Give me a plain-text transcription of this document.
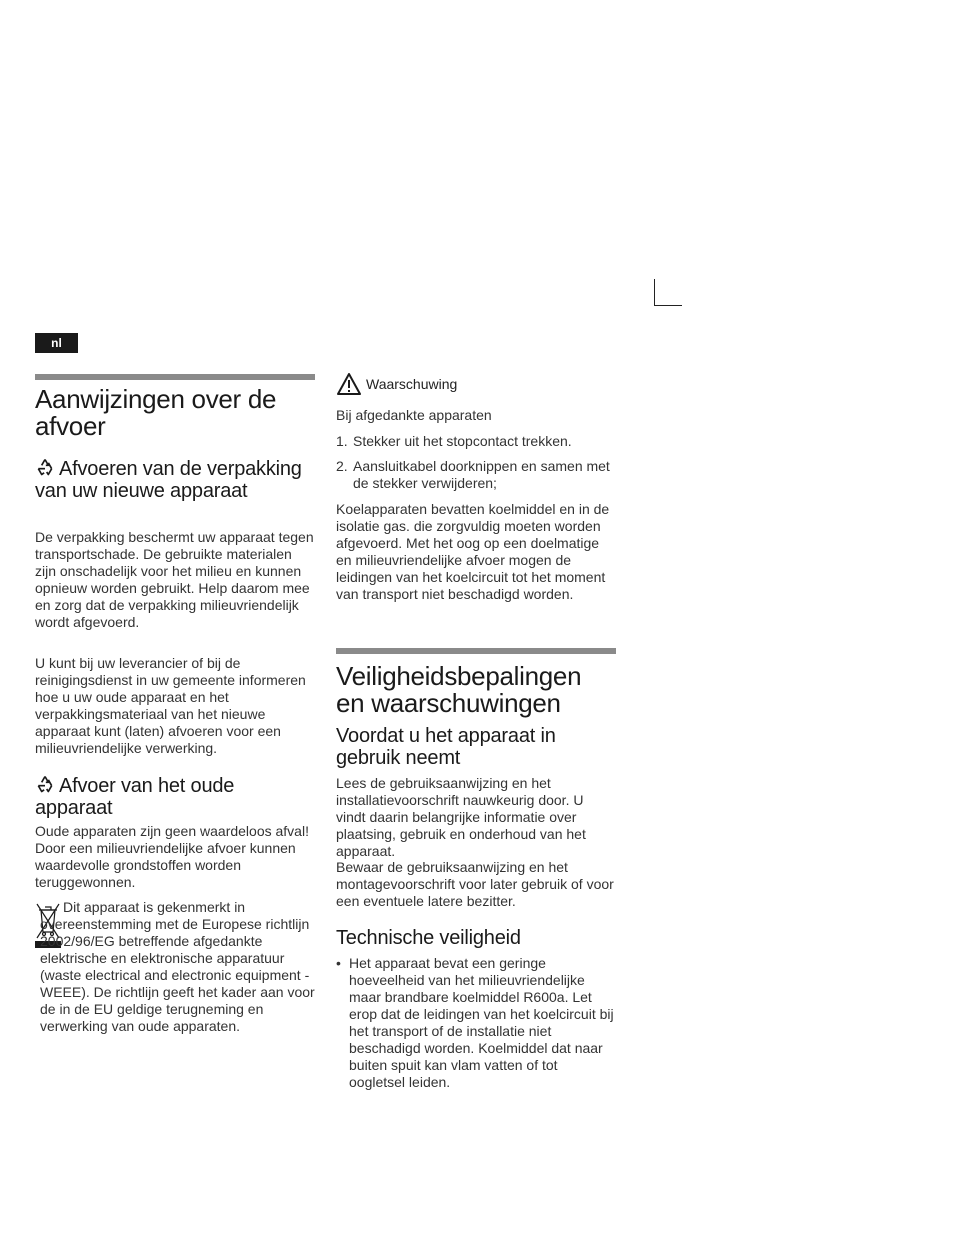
nl
Aanwijzingen over de afvoer
Afvoeren van de verpakking van uw nieuwe apparaat

De verpakking beschermt uw apparaat tegen transportschade. De gebruikte materialen zijn onschadelijk voor het milieu en kunnen opnieuw worden gebruikt. Help daarom mee en zorg dat de verpakking milieuvriendelijk wordt afgevoerd.

U kunt bij uw leverancier of bij de reinigingsdienst in uw gemeente informeren hoe u uw oude apparaat en het verpakkingsmateriaal van het nieuwe apparaat kunt (laten) afvoeren voor een milieuvriendelijke verwerking.

Afvoer van het oude apparaat

Oude apparaten zijn geen waardeloos afval! Door een milieuvriendelijke afvoer kunnen waardevolle grondstoffen worden teruggewonnen.

Dit apparaat is gekenmerkt in overeenstemming met de Europese richtlijn 2002/96/EG betreffende afgedankte elektrische en elektronische apparatuur (waste electrical and electronic equipment - WEEE). De richtlijn geeft het kader aan voor de in de EU geldige terugneming en verwerking van oude apparaten.

Waarschuwing

Bij afgedankte apparaten

1. Stekker uit het stopcontact trekken.
2. Aansluitkabel doorknippen en samen met de stekker verwijderen;

Koelapparaten bevatten koelmiddel en in de isolatie gas. die zorgvuldig moeten worden afgevoerd. Met het oog op een doelmatige en milieuvriendelijke afvoer mogen de leidingen van het koelcircuit tot het moment van transport niet beschadigd worden.

Veiligheidsbepalingen en waarschuwingen
Voordat u het apparaat in gebruik neemt

Lees de gebruiksaanwijzing en het installatievoorschrift nauwkeurig door. U vindt daarin belangrijke informatie over plaatsing, gebruik en onderhoud van het apparaat.

Bewaar de gebruiksaanwijzing en het montagevoorschrift voor later gebruik of voor een eventuele latere bezitter.

Technische veiligheid
• Het apparaat bevat een geringe hoeveelheid van het milieuvriendelijke maar brandbare koelmiddel R600a. Let erop dat de leidingen van het koelcircuit bij het transport of de installatie niet beschadigd worden. Koelmiddel dat naar buiten spuit kan vlam vatten of tot oogletsel leiden.
